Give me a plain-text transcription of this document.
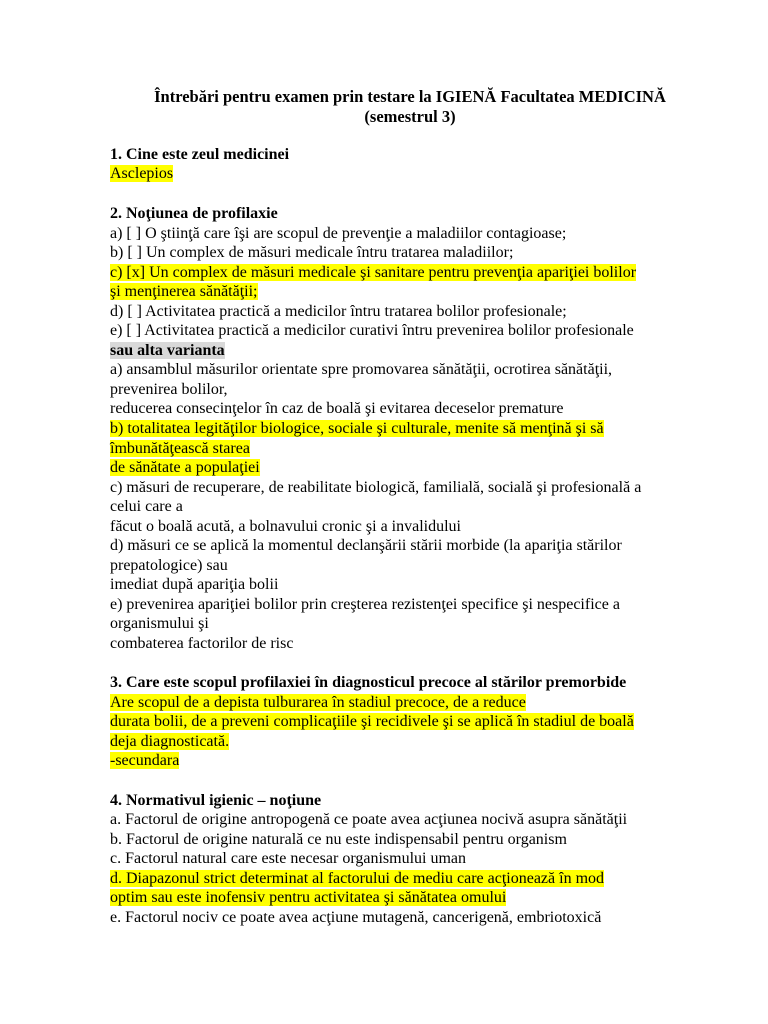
Întrebări pentru examen prin testare la IGIENĂ Facultatea MEDICINĂ
(semestrul 3)
1. Cine este zeul medicinei
Asclepios
2. Noţiunea de profilaxie
a) [ ] O ştiinţă care îşi are scopul de prevenţie a maladiilor contagioase;
b) [ ] Un complex de măsuri medicale întru tratarea maladiilor;
c) [x] Un complex de măsuri medicale şi sanitare pentru prevenţia apariţiei bolilor
şi menţinerea sănătăţii;
d) [ ] Activitatea practică a medicilor întru tratarea bolilor profesionale;
e) [ ] Activitatea practică a medicilor curativi întru prevenirea bolilor profesionale
sau alta varianta
a) ansamblul măsurilor orientate spre promovarea sănătăţii, ocrotirea sănătăţii,
prevenirea bolilor,
reducerea consecinţelor în caz de boală şi evitarea deceselor premature
b) totalitatea legităţilor biologice, sociale şi culturale, menite să menţină şi să
îmbunătăţească starea
de sănătate a populaţiei
c) măsuri de recuperare, de reabilitate biologică, familială, socială şi profesională a
celui care a
făcut o boală acută, a bolnavului cronic şi a invalidului
d) măsuri ce se aplică la momentul declanşării stării morbide (la apariţia stărilor
prepatologice) sau
imediat după apariţia bolii
e) prevenirea apariţiei bolilor prin creşterea rezistenţei specifice şi nespecifice a
organismului şi
combaterea factorilor de risc
3. Care este scopul profilaxiei în diagnosticul precoce al stărilor premorbide
Are scopul de a depista tulburarea în stadiul precoce, de a reduce
durata bolii, de a preveni complicaţiile şi recidivele şi se aplică în stadiul de boală
deja diagnosticată.
-secundara
4. Normativul igienic – noţiune
a. Factorul de origine antropogenă ce poate avea acţiunea nocivă asupra sănătăţii
b. Factorul de origine naturală ce nu este indispensabil pentru organism
c. Factorul natural care este necesar organismului uman
d. Diapazonul strict determinat al factorului de mediu care acţionează în mod
optim sau este inofensiv pentru activitatea şi sănătatea omului
e. Factorul nociv ce poate avea acţiune mutagenă, cancerigenă, embriotoxică
